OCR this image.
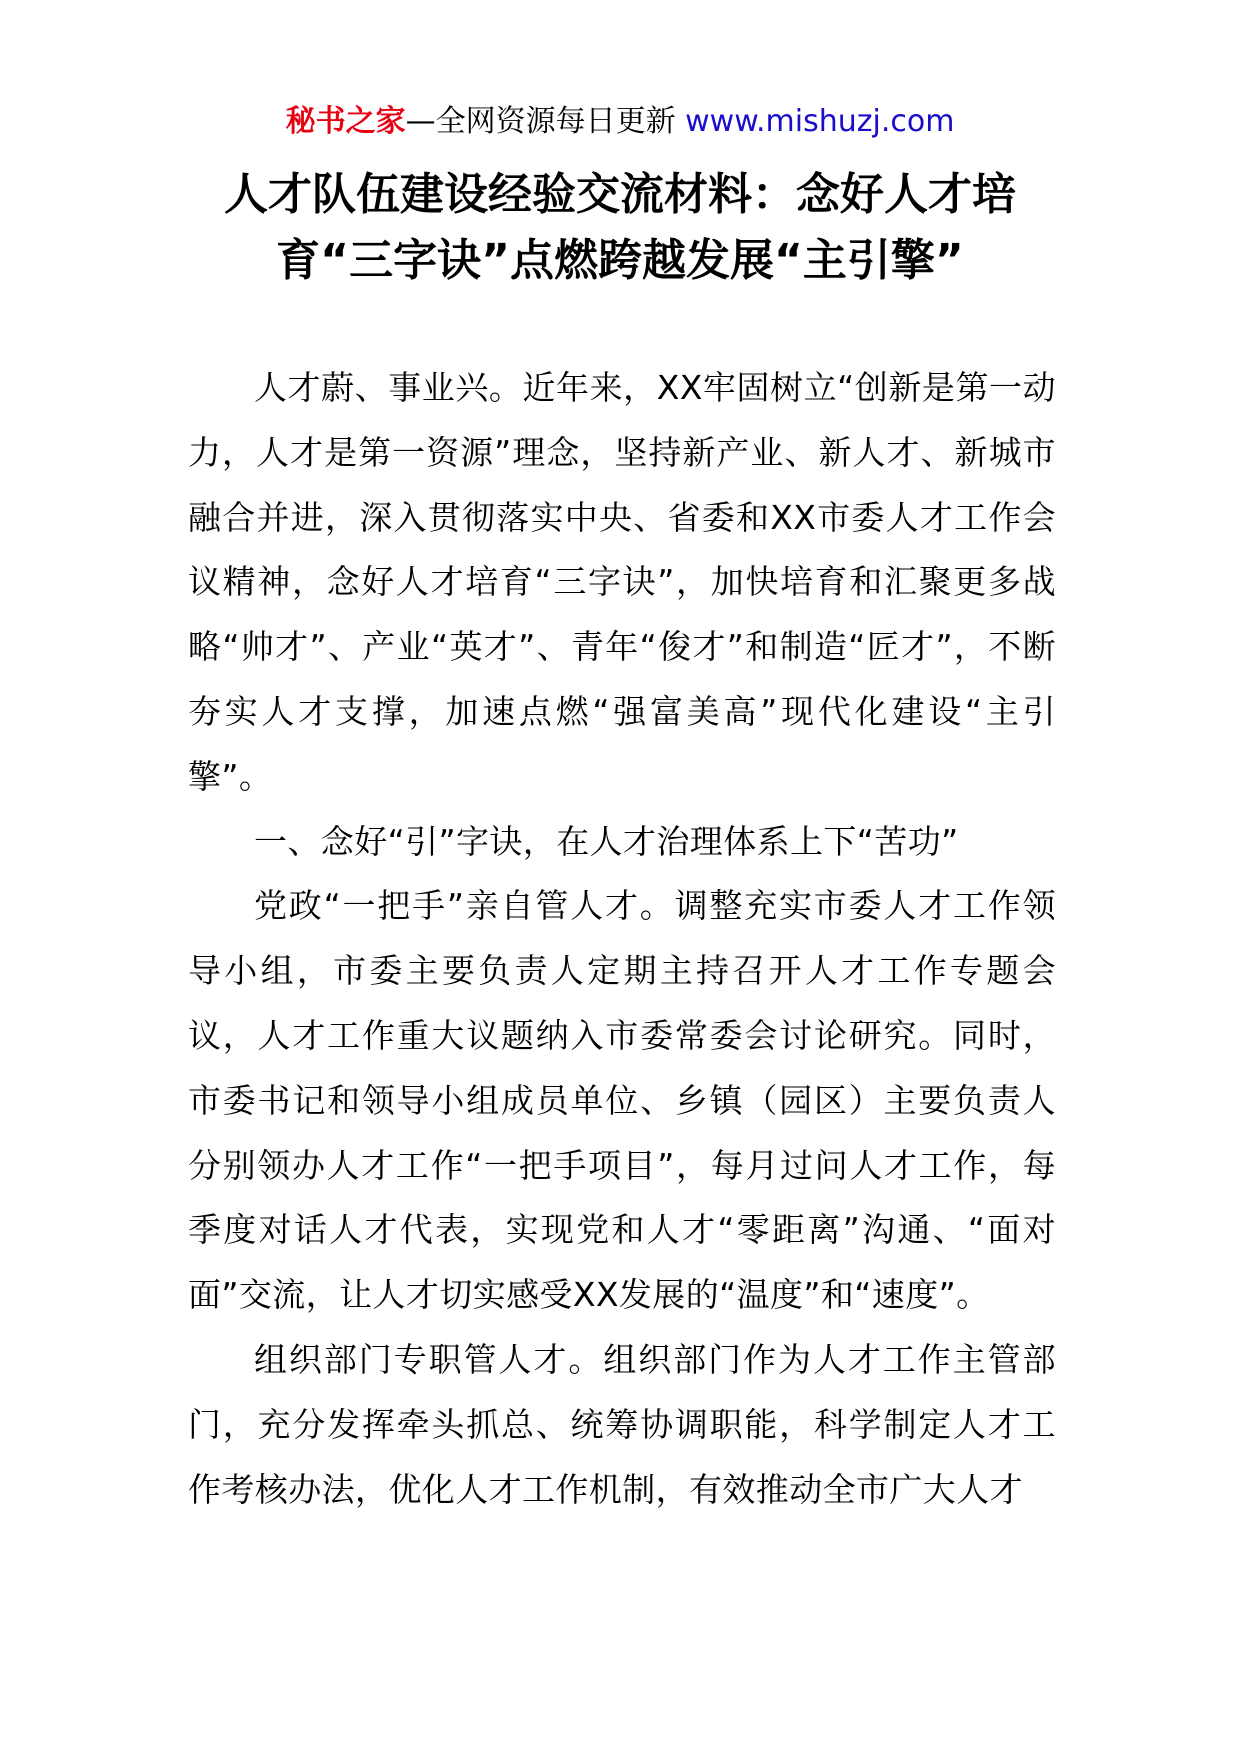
秘书之家—全网资源每日更新 www.mishuzj.com
人才队伍建设经验交流材料：念好人才培
育“三字诀”点燃跨越发展“主引擎”

人才蔚、事业兴。近年来，XX牢固树立“创新是第一动力，人才是第一资源”理念，坚持新产业、新人才、新城市融合并进，深入贯彻落实中央、省委和XX市委人才工作会议精神，念好人才培育“三字诀”，加快培育和汇聚更多战略“帅才”、产业“英才”、青年“俊才”和制造“匠才”，不断夯实人才支撑，加速点燃“强富美高”现代化建设“主引擎”。

一、念好“引”字诀，在人才治理体系上下“苦功”

党政“一把手”亲自管人才。调整充实市委人才工作领导小组，市委主要负责人定期主持召开人才工作专题会议，人才工作重大议题纳入市委常委会讨论研究。同时，市委书记和领导小组成员单位、乡镇（园区）主要负责人分别领办人才工作“一把手项目”，每月过问人才工作，每季度对话人才代表，实现党和人才“零距离”沟通、“面对面”交流，让人才切实感受XX发展的“温度”和“速度”。

组织部门专职管人才。组织部门作为人才工作主管部门，充分发挥牵头抓总、统筹协调职能，科学制定人才工作考核办法，优化人才工作机制，有效推动全市广大人才
